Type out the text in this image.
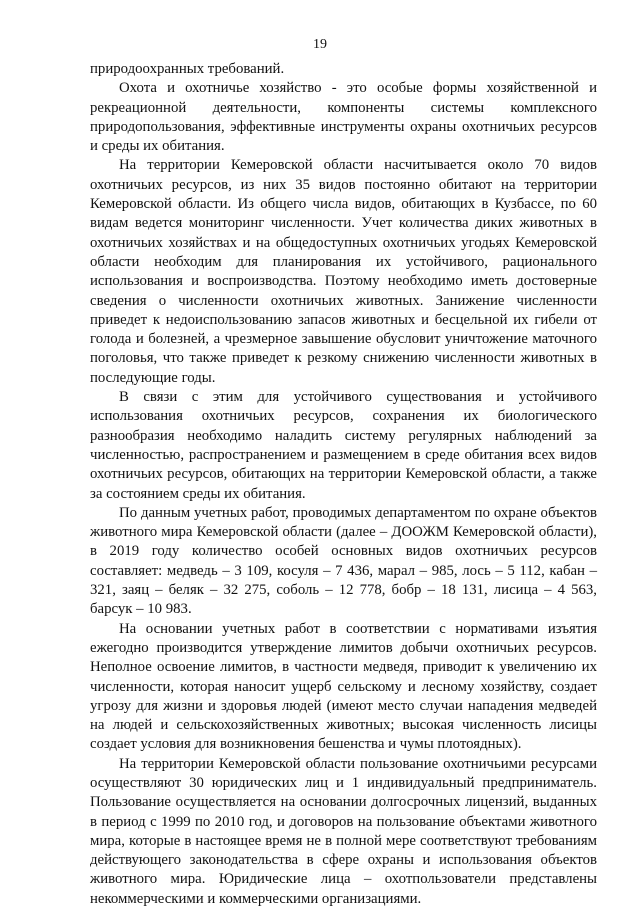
19

природоохранных требований.

Охота и охотничье хозяйство - это особые формы хозяйственной и рекреационной деятельности, компоненты системы комплексного природопользования, эффективные инструменты охраны охотничьих ресурсов и среды их обитания.

На территории Кемеровской области насчитывается около 70 видов охотничьих ресурсов, из них 35 видов постоянно обитают на территории Кемеровской области. Из общего числа видов, обитающих в Кузбассе, по 60 видам ведется мониторинг численности. Учет количества диких животных в охотничьих хозяйствах и на общедоступных охотничьих угодьях Кемеровской области необходим для планирования их устойчивого, рационального использования и воспроизводства. Поэтому необходимо иметь достоверные сведения о численности охотничьих животных. Занижение численности приведет к недоиспользованию запасов животных и бесцельной их гибели от голода и болезней, а чрезмерное завышение обусловит уничтожение маточного поголовья, что также приведет к резкому снижению численности животных в последующие годы.

В связи с этим для устойчивого существования и устойчивого использования охотничьих ресурсов, сохранения их биологического разнообразия необходимо наладить систему регулярных наблюдений за численностью, распространением и размещением в среде обитания всех видов охотничьих ресурсов, обитающих на территории Кемеровской области, а также за состоянием среды их обитания.

По данным учетных работ, проводимых департаментом по охране объектов животного мира Кемеровской области (далее – ДООЖМ Кемеровской области), в 2019 году количество особей основных видов охотничьих ресурсов составляет: медведь – 3 109, косуля – 7 436, марал – 985, лось – 5 112, кабан – 321, заяц – беляк – 32 275, соболь – 12 778, бобр – 18 131, лисица – 4 563, барсук – 10 983.

На основании учетных работ в соответствии с нормативами изъятия ежегодно производится утверждение лимитов добычи охотничьих ресурсов. Неполное освоение лимитов, в частности медведя, приводит к увеличению их численности, которая наносит ущерб сельскому и лесному хозяйству, создает угрозу для жизни и здоровья людей (имеют место случаи нападения медведей на людей и сельскохозяйственных животных; высокая численность лисицы создает условия для возникновения бешенства и чумы плотоядных).

На территории Кемеровской области пользование охотничьими ресурсами осуществляют 30 юридических лиц и 1 индивидуальный предприниматель. Пользование осуществляется на основании долгосрочных лицензий, выданных в период с 1999 по 2010 год, и договоров на пользование объектами животного мира, которые в настоящее время не в полной мере соответствуют требованиям действующего законодательства в сфере охраны и использования объектов животного мира. Юридические лица – охотпользователи представлены некоммерческими и коммерческими организациями.
